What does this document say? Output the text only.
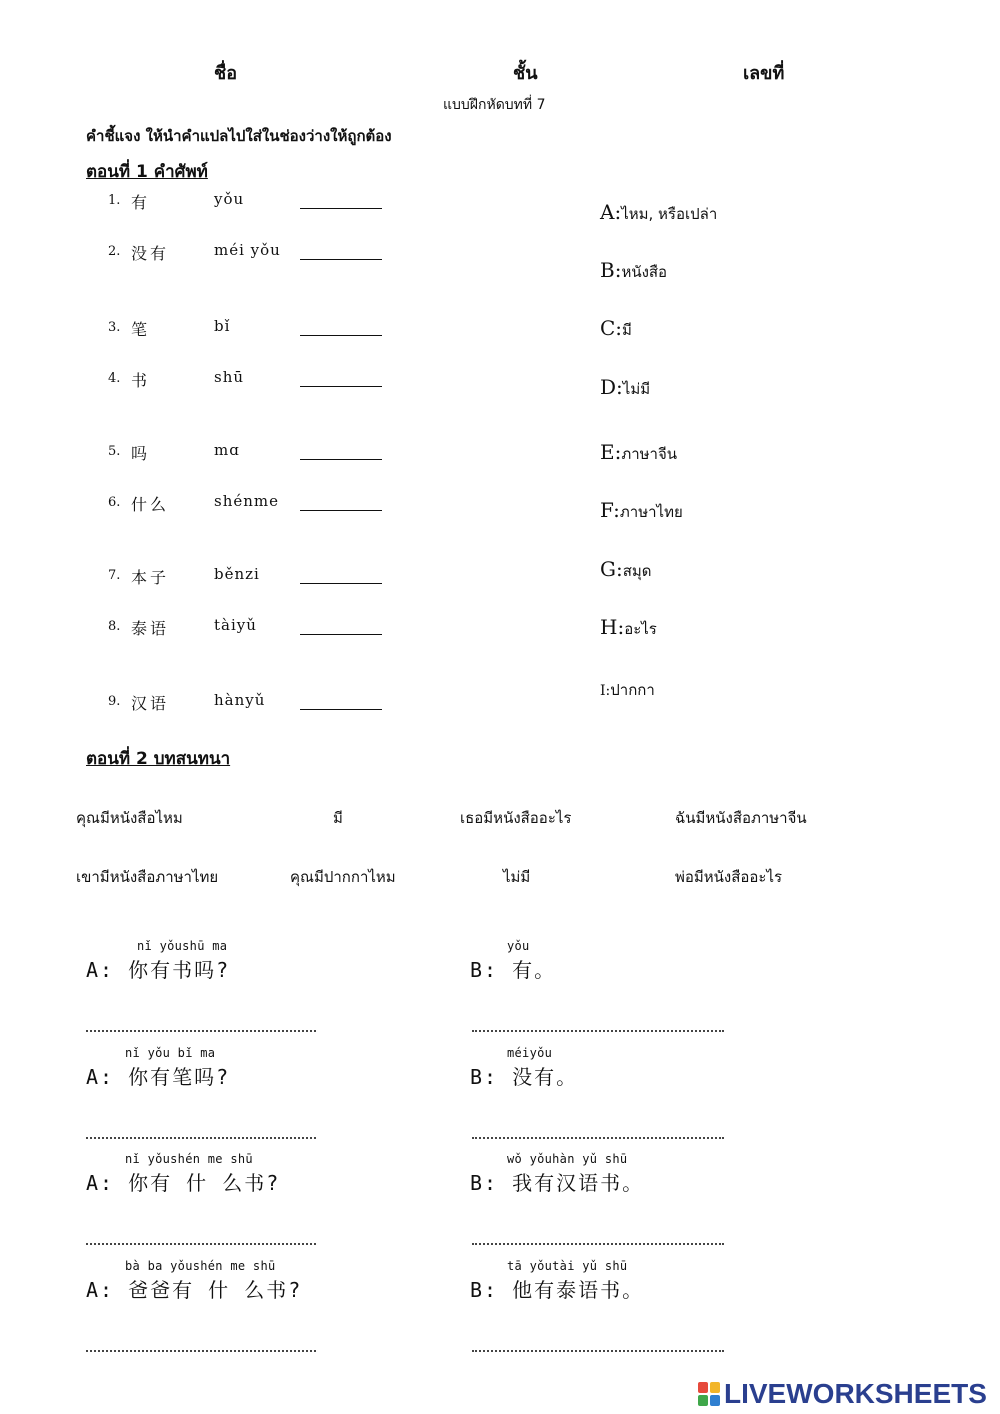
ชื่อ	ชั้น	เลขที่
แบบฝึกหัดบทที่ 7
คำชี้แจง ให้นำคำแปลไปใส่ในช่องว่างให้ถูกต้อง
ตอนที่ 1 คำศัพท์
1. 有	yǒu
2. 没有	méi yǒu
3. 笔	bǐ
4. 书	shū
5. 吗	mɑ
6. 什么	shénme
7. 本子	běnzi
8. 泰语	tàiyǔ
9. 汉语	hànyǔ
A:ไหม, หรือเปล่า
B:หนังสือ
C:มี
D:ไม่มี
E:ภาษาจีน
F:ภาษาไทย
G:สมุด
H:อะไร
I:ปากกา
ตอนที่ 2 บทสนทนา
คุณมีหนังสือไหม	มี	เธอมีหนังสืออะไร	ฉันมีหนังสือภาษาจีน
เขามีหนังสือภาษาไทย	คุณมีปากกาไหม	ไม่มี	พ่อมีหนังสืออะไร
nǐ yǒushū ma	yǒu
A: 你有书吗?	B: 有。
nǐ yǒu bǐ ma	méiyǒu
A: 你有笔吗?	B: 没有。
nǐ yǒushén me shū	wǒ yǒuhàn yǔ shū
A: 你有 什 么书?	B: 我有汉语书。
bà ba yǒushén me shū	tā yǒutài yǔ shū
A: 爸爸有 什 么书?	B: 他有泰语书。
LIVEWORKSHEETS
